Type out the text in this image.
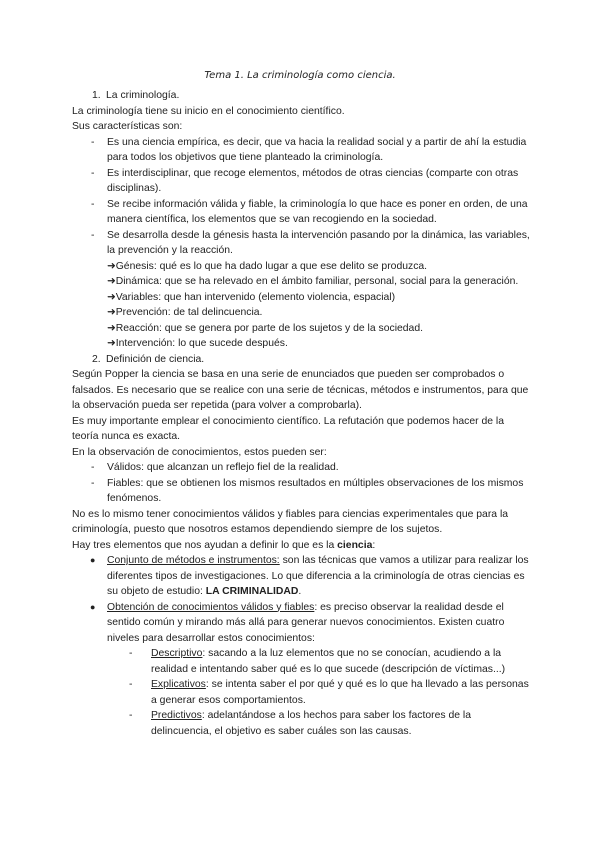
Tema 1. La criminología como ciencia.

1. La criminología.

La criminología tiene su inicio en el conocimiento científico.

Sus características son:

- Es una ciencia empírica, es decir, que va hacia la realidad social y a partir de ahí la estudia para todos los objetivos que tiene planteado la criminología.

- Es interdisciplinar, que recoge elementos, métodos de otras ciencias (comparte con otras disciplinas).

- Se recibe información válida y fiable, la criminología lo que hace es poner en orden, de una manera científica, los elementos que se van recogiendo en la sociedad.

- Se desarrolla desde la génesis hasta la intervención pasando por la dinámica, las variables, la prevención y la reacción.

➜Génesis: qué es lo que ha dado lugar a que ese delito se produzca.

➜Dinámica: que se ha relevado en el ámbito familiar, personal, social para la generación.

➜Variables: que han intervenido (elemento violencia, espacial)

➜Prevención: de tal delincuencia.

➜Reacción: que se genera por parte de los sujetos y de la sociedad.

➜Intervención: lo que sucede después.

2. Definición de ciencia.

Según Popper la ciencia se basa en una serie de enunciados que pueden ser comprobados o falsados. Es necesario que se realice con una serie de técnicas, métodos e instrumentos, para que la observación pueda ser repetida (para volver a comprobarla).

Es muy importante emplear el conocimiento científico. La refutación que podemos hacer de la teoría nunca es exacta.

En la observación de conocimientos, estos pueden ser:

- Válidos: que alcanzan un reflejo fiel de la realidad.

- Fiables: que se obtienen los mismos resultados en múltiples observaciones de los mismos fenómenos.

No es lo mismo tener conocimientos válidos y fiables para ciencias experimentales que para la criminología, puesto que nosotros estamos dependiendo siempre de los sujetos.

Hay tres elementos que nos ayudan a definir lo que es la ciencia:

● Conjunto de métodos e instrumentos: son las técnicas que vamos a utilizar para realizar los diferentes tipos de investigaciones. Lo que diferencia a la criminología de otras ciencias es su objeto de estudio: LA CRIMINALIDAD.

● Obtención de conocimientos válidos y fiables: es preciso observar la realidad desde el sentido común y mirando más allá para generar nuevos conocimientos. Existen cuatro niveles para desarrollar estos conocimientos:

- Descriptivo: sacando a la luz elementos que no se conocían, acudiendo a la realidad e intentando saber qué es lo que sucede (descripción de víctimas...)

- Explicativos: se intenta saber el por qué y qué es lo que ha llevado a las personas a generar esos comportamientos.

- Predictivos: adelantándose a los hechos para saber los factores de la delincuencia, el objetivo es saber cuáles son las causas.
